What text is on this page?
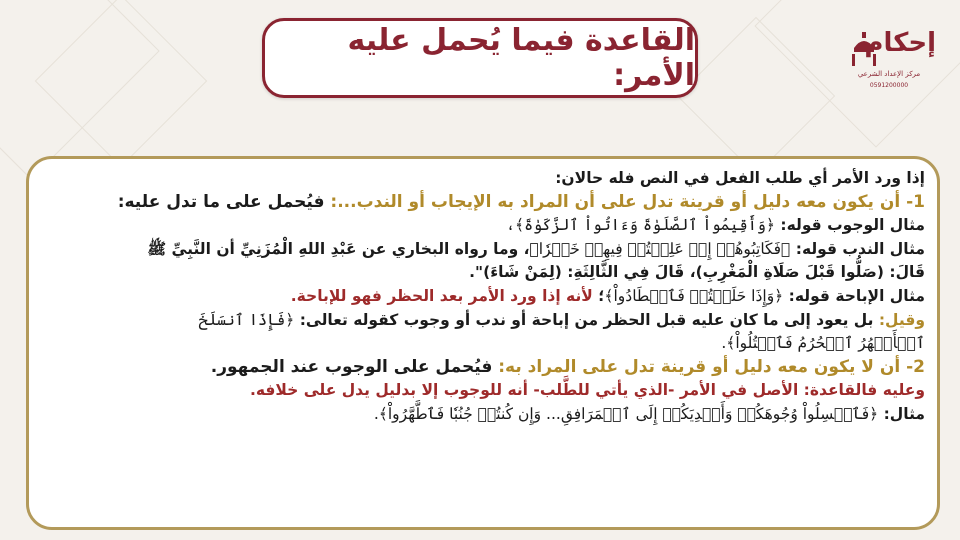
القاعدة فيما يُحمل عليه الأمر:
إحكام
مركز الإعداد الشرعي
0591200000
إذا ورد الأمر أي طلب الفعل في النص فله حالان:
1- أن يكون معه دليل أو قرينة تدل على أن المراد به الإيجاب أو الندب...: فيُحمل على ما تدل عليه:
مثال الوجوب قوله: ﴿وَأَقِيمُواْ ٱلصَّلَوٰةَ وَءَاتُواْ ٱلزَّكَوٰةَ﴾،
مثال الندب قوله: ﴿فَكَاتِبُوهُمۡ إِنۡ عَلِمۡتُمۡ فِيهِمۡ خَيۡرٗا﴾، وما رواه البخاري عن عَبْدِ اللهِ الْمُزَنِيِّ أن النَّبِيِّ ﷺ
قَالَ: (صَلُّوا قَبْلَ صَلَاةِ الْمَغْرِبِ)، قَالَ فِي الثَّالِثَةِ: (لِمَنْ شَاءَ)".
مثال الإباحة قوله: ﴿وَإِذَا حَلَلۡتُمۡ فَٱصۡطَادُواْ﴾؛ لأنه إذا ورد الأمر بعد الحظر فهو للإباحة.
وقيل: بل يعود إلى ما كان عليه قبل الحظر من إباحة أو ندب أو وجوب كقوله تعالى: ﴿فَإِذَا ٱنسَلَخَ
ٱلۡأَشۡهُرُ ٱلۡحُرُمُ فَٱقۡتُلُواْ﴾.
2- أن لا يكون معه دليل أو قرينة تدل على المراد به: فيُحمل على الوجوب عند الجمهور.
وعليه فالقاعدة: الأصل في الأمر -الذي يأتي للطَّلب- أنه للوجوب إلا بدليل يدل على خلافه.
مثال: ﴿فَٱغۡسِلُواْ وُجُوهَكُمۡ وَأَيۡدِيَكُمۡ إِلَى ٱلۡمَرَافِقِ... وَإِن كُنتُمۡ جُنُبٗا فَٱطَّهَّرُواْ﴾.
